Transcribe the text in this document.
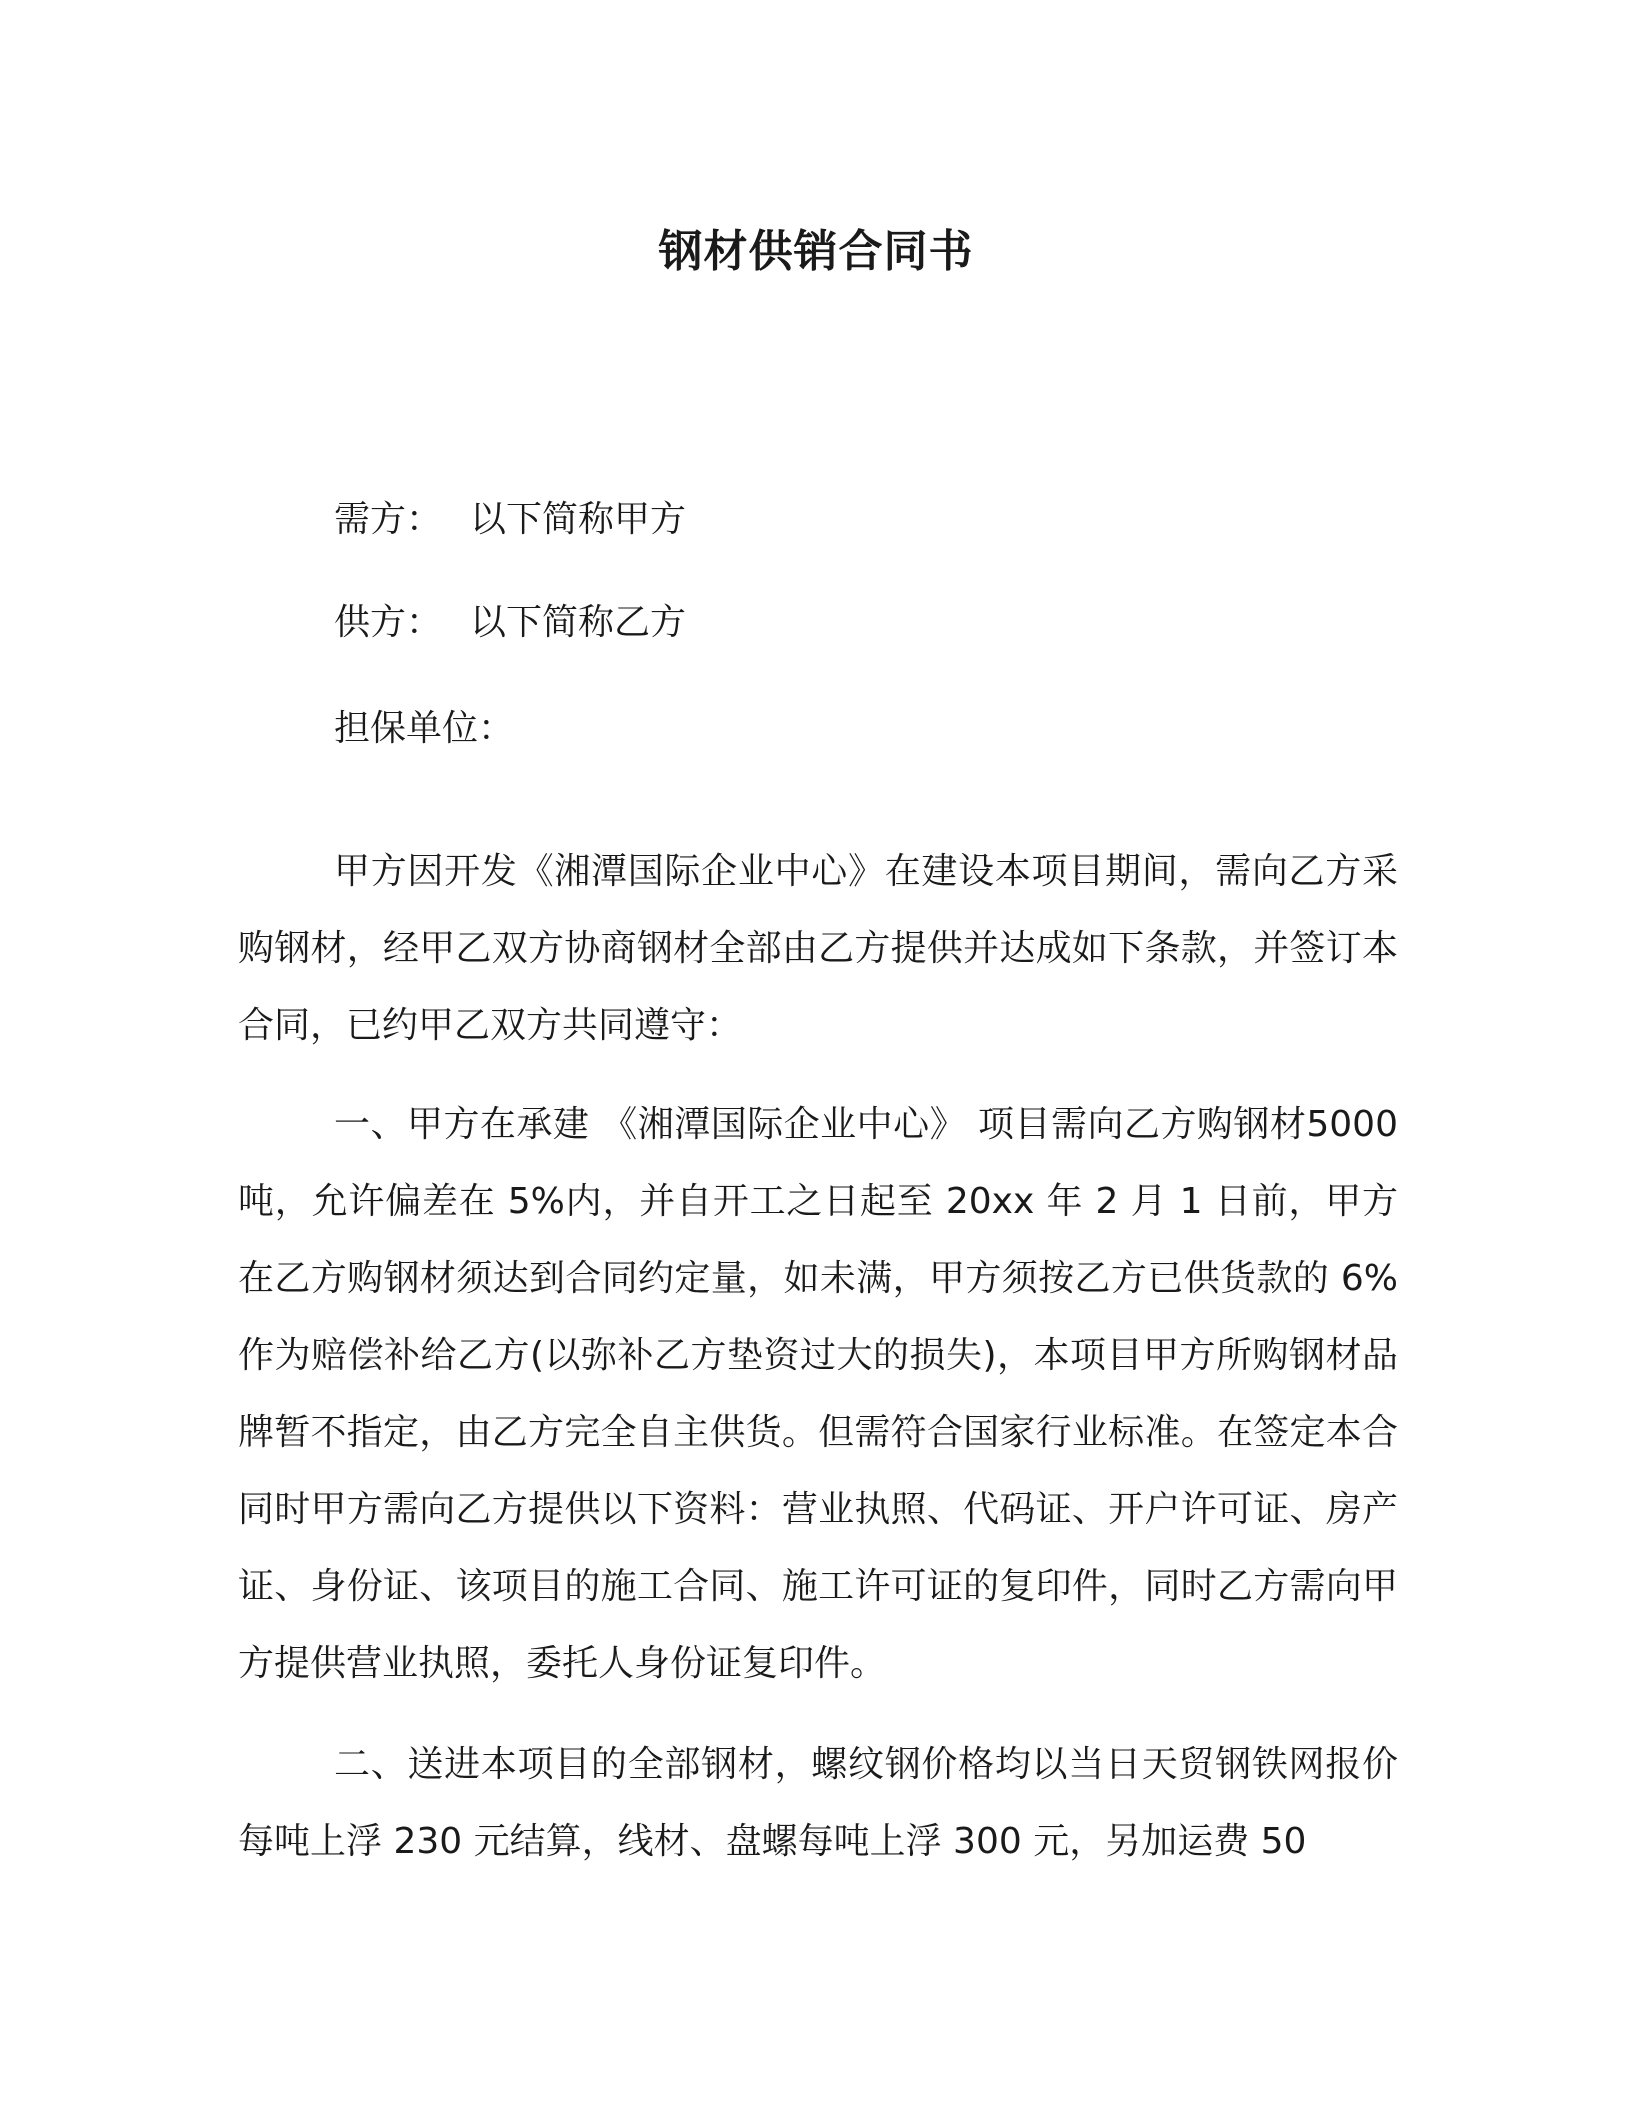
钢材供销合同书
需方： 以下简称甲方
供方： 以下简称乙方
担保单位：

甲方因开发《湘潭国际企业中心》在建设本项目期间，需向乙方采购钢材，经甲乙双方协商钢材全部由乙方提供并达成如下条款，并签订本合同，已约甲乙双方共同遵守：

一、甲方在承建 《湘潭国际企业中心》 项目需向乙方购钢材5000 吨，允许偏差在 5%内，并自开工之日起至 20xx 年 2 月 1 日前，甲方在乙方购钢材须达到合同约定量，如未满，甲方须按乙方已供货款的 6%作为赔偿补给乙方(以弥补乙方垫资过大的损失)，本项目甲方所购钢材品牌暂不指定，由乙方完全自主供货。但需符合国家行业标准。在签定本合同时甲方需向乙方提供以下资料：营业执照、代码证、开户许可证、房产证、身份证、该项目的施工合同、施工许可证的复印件，同时乙方需向甲方提供营业执照，委托人身份证复印件。

二、送进本项目的全部钢材，螺纹钢价格均以当日天贸钢铁网报价每吨上浮 230 元结算，线材、盘螺每吨上浮 300 元，另加运费 50
